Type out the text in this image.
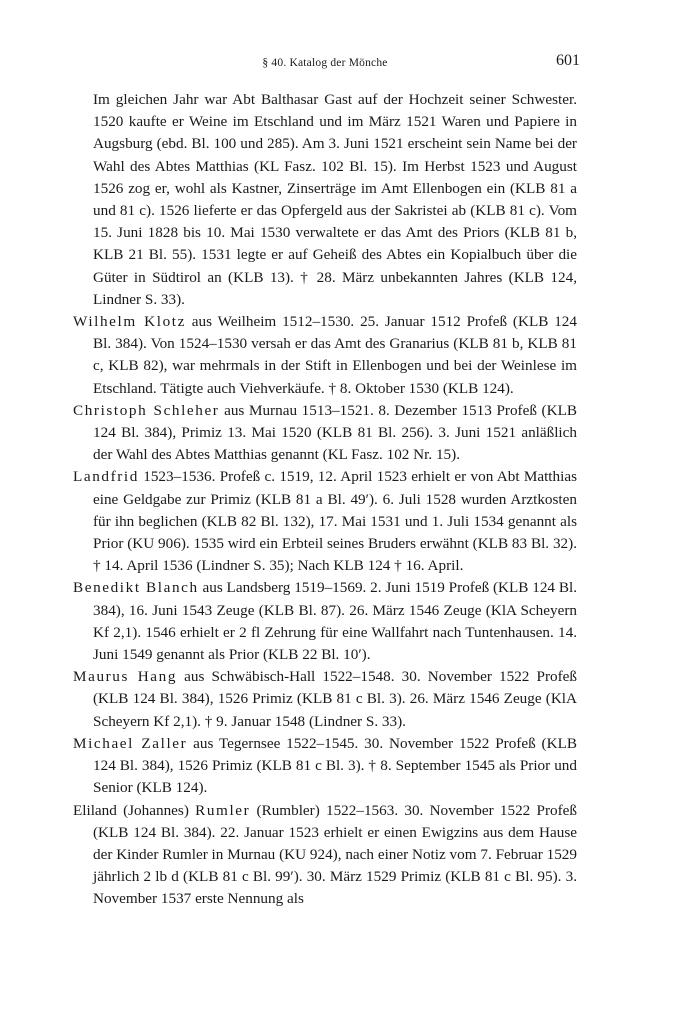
§ 40. Katalog der Mönche	601

Im gleichen Jahr war Abt Balthasar Gast auf der Hochzeit seiner Schwester. 1520 kaufte er Weine im Etschland und im März 1521 Waren und Papiere in Augsburg (ebd. Bl. 100 und 285). Am 3. Juni 1521 erscheint sein Name bei der Wahl des Abtes Matthias (KL Fasz. 102 Bl. 15). Im Herbst 1523 und August 1526 zog er, wohl als Kastner, Zinserträge im Amt Ellenbogen ein (KLB 81 a und 81 c). 1526 lieferte er das Opfergeld aus der Sakristei ab (KLB 81 c). Vom 15. Juni 1828 bis 10. Mai 1530 verwaltete er das Amt des Priors (KLB 81 b, KLB 21 Bl. 55). 1531 legte er auf Geheiß des Abtes ein Kopialbuch über die Güter in Südtirol an (KLB 13). † 28. März unbekannten Jahres (KLB 124, Lindner S. 33).

Wilhelm Klotz aus Weilheim 1512–1530. 25. Januar 1512 Profeß (KLB 124 Bl. 384). Von 1524–1530 versah er das Amt des Granarius (KLB 81 b, KLB 81 c, KLB 82), war mehrmals in der Stift in Ellenbogen und bei der Weinlese im Etschland. Tätigte auch Viehverkäufe. † 8. Oktober 1530 (KLB 124).

Christoph Schleher aus Murnau 1513–1521. 8. Dezember 1513 Profeß (KLB 124 Bl. 384), Primiz 13. Mai 1520 (KLB 81 Bl. 256). 3. Juni 1521 anläßlich der Wahl des Abtes Matthias genannt (KL Fasz. 102 Nr. 15).

Landfrid 1523–1536. Profeß c. 1519, 12. April 1523 erhielt er von Abt Matthias eine Geldgabe zur Primiz (KLB 81 a Bl. 49′). 6. Juli 1528 wurden Arztkosten für ihn beglichen (KLB 82 Bl. 132), 17. Mai 1531 und 1. Juli 1534 genannt als Prior (KU 906). 1535 wird ein Erbteil seines Bruders erwähnt (KLB 83 Bl. 32). † 14. April 1536 (Lindner S. 35); Nach KLB 124 † 16. April.

Benedikt Blanch aus Landsberg 1519–1569. 2. Juni 1519 Profeß (KLB 124 Bl. 384), 16. Juni 1543 Zeuge (KLB Bl. 87). 26. März 1546 Zeuge (KlA Scheyern Kf 2,1). 1546 erhielt er 2 fl Zehrung für eine Wallfahrt nach Tuntenhausen. 14. Juni 1549 genannt als Prior (KLB 22 Bl. 10′).

Maurus Hang aus Schwäbisch-Hall 1522–1548. 30. November 1522 Profeß (KLB 124 Bl. 384), 1526 Primiz (KLB 81 c Bl. 3). 26. März 1546 Zeuge (KlA Scheyern Kf 2,1). † 9. Januar 1548 (Lindner S. 33).

Michael Zaller aus Tegernsee 1522–1545. 30. November 1522 Profeß (KLB 124 Bl. 384), 1526 Primiz (KLB 81 c Bl. 3). † 8. September 1545 als Prior und Senior (KLB 124).

Eliland (Johannes) Rumler (Rumbler) 1522–1563. 30. November 1522 Profeß (KLB 124 Bl. 384). 22. Januar 1523 erhielt er einen Ewigzins aus dem Hause der Kinder Rumler in Murnau (KU 924), nach einer Notiz vom 7. Februar 1529 jährlich 2 lb d (KLB 81 c Bl. 99′). 30. März 1529 Primiz (KLB 81 c Bl. 95). 3. November 1537 erste Nennung als
